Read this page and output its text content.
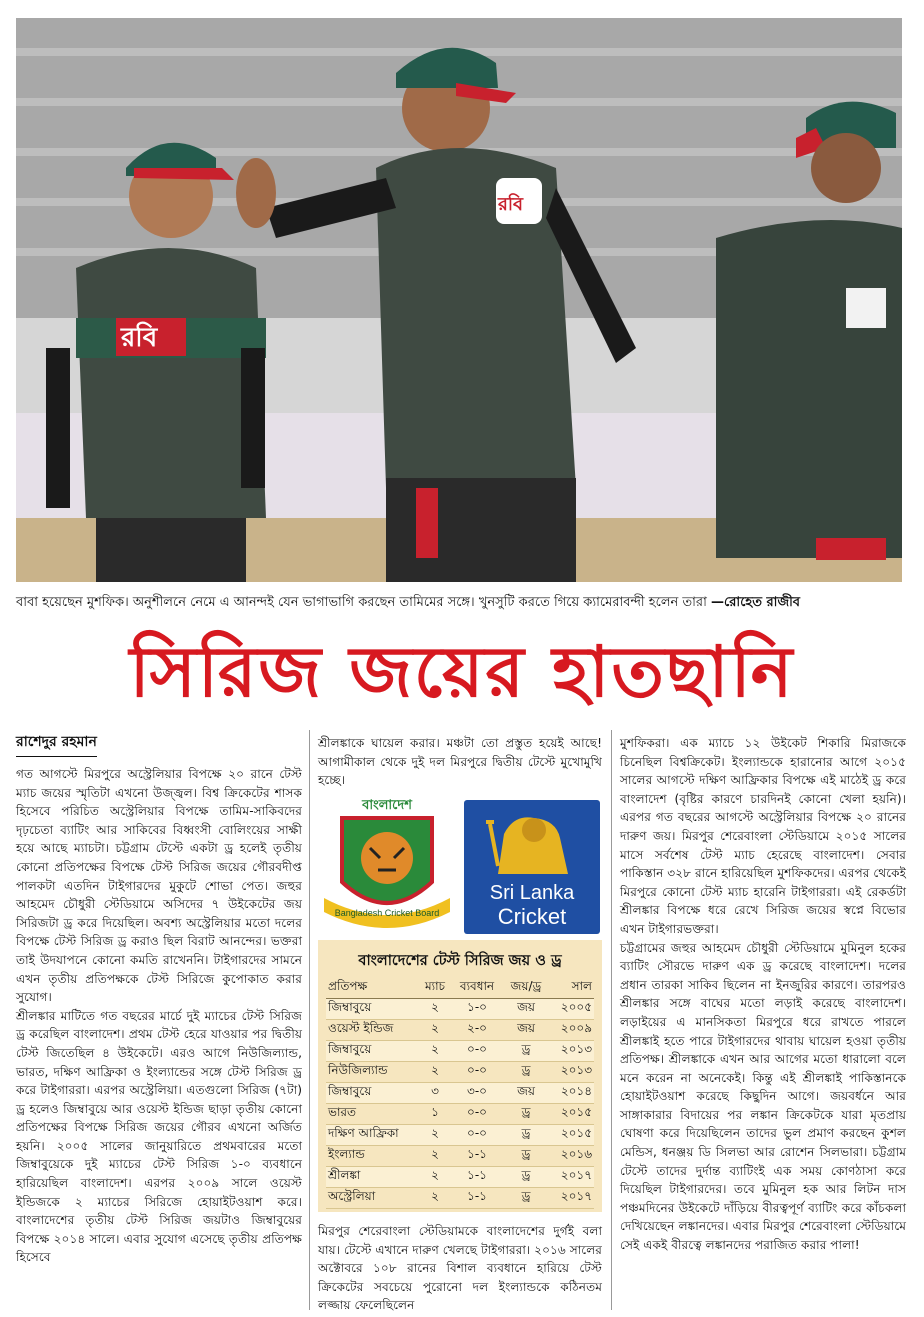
রবি
রবি
বাবা হয়েছেন মুশফিক। অনুশীলনে নেমে এ আনন্দই যেন ভাগাভাগি করছেন তামিমের সঙ্গে। খুনসুটি করতে গিয়ে ক্যামেরাবন্দী হলেন তারা —রোহেত রাজীব
সিরিজ জয়ের হাতছানি
রাশেদুর রহমান

গত আগস্টে মিরপুরে অস্ট্রেলিয়ার বিপক্ষে ২০ রানে টেস্ট ম্যাচ জয়ের স্মৃতিটা এখনো উজ্জ্বল। বিশ্ব ক্রিকেটের শাসক হিসেবে পরিচিত অস্ট্রেলিয়ার বিপক্ষে তামিম-সাকিবদের দৃঢ়চেতা ব্যাটিং আর সাকিবের বিধ্বংসী বোলিংয়ের সাক্ষী হয়ে আছে ম্যাচটা। চট্টগ্রাম টেস্টে একটা ড্র হলেই তৃতীয় কোনো প্রতিপক্ষের বিপক্ষে টেস্ট সিরিজ জয়ের গৌরবদীপ্ত পালকটা এতদিন টাইগারদের মুকুটে শোভা পেত। জহুর আহমেদ চৌধুরী স্টেডিয়ামে অসিদের ৭ উইকেটের জয় সিরিজটা ড্র করে দিয়েছিল। অবশ্য অস্ট্রেলিয়ার মতো দলের বিপক্ষে টেস্ট সিরিজ ড্র করাও ছিল বিরাট আনন্দের। ভক্তরা তাই উদযাপনে কোনো কমতি রাখেননি। টাইগারদের সামনে এখন তৃতীয় প্রতিপক্ষকে টেস্ট সিরিজে কুপোকাত করার সুযোগ।

শ্রীলঙ্কার মাটিতে গত বছরের মার্চে দুই ম্যাচের টেস্ট সিরিজ ড্র করেছিল বাংলাদেশ। প্রথম টেস্ট হেরে যাওয়ার পর দ্বিতীয় টেস্ট জিতেছিল ৪ উইকেটে। এরও আগে নিউজিল্যান্ড, ভারত, দক্ষিণ আফ্রিকা ও ইংল্যান্ডের সঙ্গে টেস্ট সিরিজ ড্র করে টাইগাররা। এরপর অস্ট্রেলিয়া। এতগুলো সিরিজ (৭টা) ড্র হলেও জিম্বাবুয়ে আর ওয়েস্ট ইন্ডিজ ছাড়া তৃতীয় কোনো প্রতিপক্ষের বিপক্ষে সিরিজ জয়ের গৌরব এখনো অর্জিত হয়নি। ২০০৫ সালের জানুয়ারিতে প্রথমবারের মতো জিম্বাবুয়েকে দুই ম্যাচের টেস্ট সিরিজ ১-০ ব্যবধানে হারিয়েছিল বাংলাদেশ। এরপর ২০০৯ সালে ওয়েস্ট ইন্ডিজকে ২ ম্যাচের সিরিজে হোয়াইটওয়াশ করে। বাংলাদেশের তৃতীয় টেস্ট সিরিজ জয়টাও জিম্বাবুয়ের বিপক্ষে ২০১৪ সালে। এবার সুযোগ এসেছে তৃতীয় প্রতিপক্ষ হিসেবে

শ্রীলঙ্কাকে ঘায়েল করার। মঞ্চটা তো প্রস্তুত হয়েই আছে! আগামীকাল থেকে দুই দল মিরপুরে দ্বিতীয় টেস্টে মুখোমুখি হচ্ছে।

বাংলাদেশ
Bangladesh Cricket Board
Sri Lanka
Cricket
বাংলাদেশের টেস্ট সিরিজ জয় ও ড্র
প্রতিপক্ষ	ম্যাচ	ব্যবধান	জয়/ড্র	সাল
জিম্বাবুয়ে	২	১-০	জয়	২০০৫
ওয়েস্ট ইন্ডিজ	২	২-০	জয়	২০০৯
জিম্বাবুয়ে	২	০-০	ড্র	২০১৩
নিউজিল্যান্ড	২	০-০	ড্র	২০১৩
জিম্বাবুয়ে	৩	৩-০	জয়	২০১৪
ভারত	১	০-০	ড্র	২০১৫
দক্ষিণ আফ্রিকা	২	০-০	ড্র	২০১৫
ইংল্যান্ড	২	১-১	ড্র	২০১৬
শ্রীলঙ্কা	২	১-১	ড্র	২০১৭
অস্ট্রেলিয়া	২	১-১	ড্র	২০১৭

মিরপুর শেরেবাংলা স্টেডিয়ামকে বাংলাদেশের দুর্গই বলা যায়। টেস্টে এখানে দারুণ খেলছে টাইগাররা। ২০১৬ সালের অক্টোবরে ১০৮ রানের বিশাল ব্যবধানে হারিয়ে টেস্ট ক্রিকেটের সবচেয়ে পুরোনো দল ইংল্যান্ডকে কঠিনতম লজ্জায় ফেলেছিলেন

মুশফিকরা। এক ম্যাচে ১২ উইকেট শিকারি মিরাজকে চিনেছিল বিশ্বক্রিকেট। ইংল্যান্ডকে হারানোর আগে ২০১৫ সালের আগস্টে দক্ষিণ আফ্রিকার বিপক্ষে এই মাঠেই ড্র করে বাংলাদেশ (বৃষ্টির কারণে চারদিনই কোনো খেলা হয়নি)। এরপর গত বছরের আগস্টে অস্ট্রেলিয়ার বিপক্ষে ২০ রানের দারুণ জয়। মিরপুর শেরেবাংলা স্টেডিয়ামে ২০১৫ সালের মাসে সর্বশেষ টেস্ট ম্যাচ হেরেছে বাংলাদেশ। সেবার পাকিস্তান ৩২৮ রানে হারিয়েছিল মুশফিকদের। এরপর থেকেই মিরপুরে কোনো টেস্ট ম্যাচ হারেনি টাইগাররা। এই রেকর্ডটা শ্রীলঙ্কার বিপক্ষে ধরে রেখে সিরিজ জয়ের স্বপ্নে বিভোর এখন টাইগারভক্তরা।

চট্টগ্রামের জহুর আহমেদ চৌধুরী স্টেডিয়ামে মুমিনুল হকের ব্যাটিং সৌরভে দারুণ এক ড্র করেছে বাংলাদেশ। দলের প্রধান তারকা সাকিব ছিলেন না ইনজুরির কারণে। তারপরও শ্রীলঙ্কার সঙ্গে বাঘের মতো লড়াই করেছে বাংলাদেশ। লড়াইয়ের এ মানসিকতা মিরপুরে ধরে রাখতে পারলে শ্রীলঙ্কাই হতে পারে টাইগারদের থাবায় ঘায়েল হওয়া তৃতীয় প্রতিপক্ষ। শ্রীলঙ্কাকে এখন আর আগের মতো ধারালো বলে মনে করেন না অনেকেই। কিন্তু এই শ্রীলঙ্কাই পাকিস্তানকে হোয়াইটওয়াশ করেছে কিছুদিন আগে। জয়বর্ধনে আর সাঙ্গাকারার বিদায়ের পর লঙ্কান ক্রিকেটকে যারা মৃতপ্রায় ঘোষণা করে দিয়েছিলেন তাদের ভুল প্রমাণ করছেন কুশল মেন্ডিস, ধনঞ্জয় ডি সিলভা আর রোশেন সিলভারা। চট্টগ্রাম টেস্টে তাদের দুর্দান্ত ব্যাটিংই এক সময় কোণঠাসা করে দিয়েছিল টাইগারদের। তবে মুমিনুল হক আর লিটন দাস পঞ্চমদিনের উইকেটে দাঁড়িয়ে বীরত্বপূর্ণ ব্যাটিং করে কাঁচকলা দেখিয়েছেন লঙ্কানদের। এবার মিরপুর শেরেবাংলা স্টেডিয়ামে সেই একই বীরত্বে লঙ্কানদের পরাজিত করার পালা!
